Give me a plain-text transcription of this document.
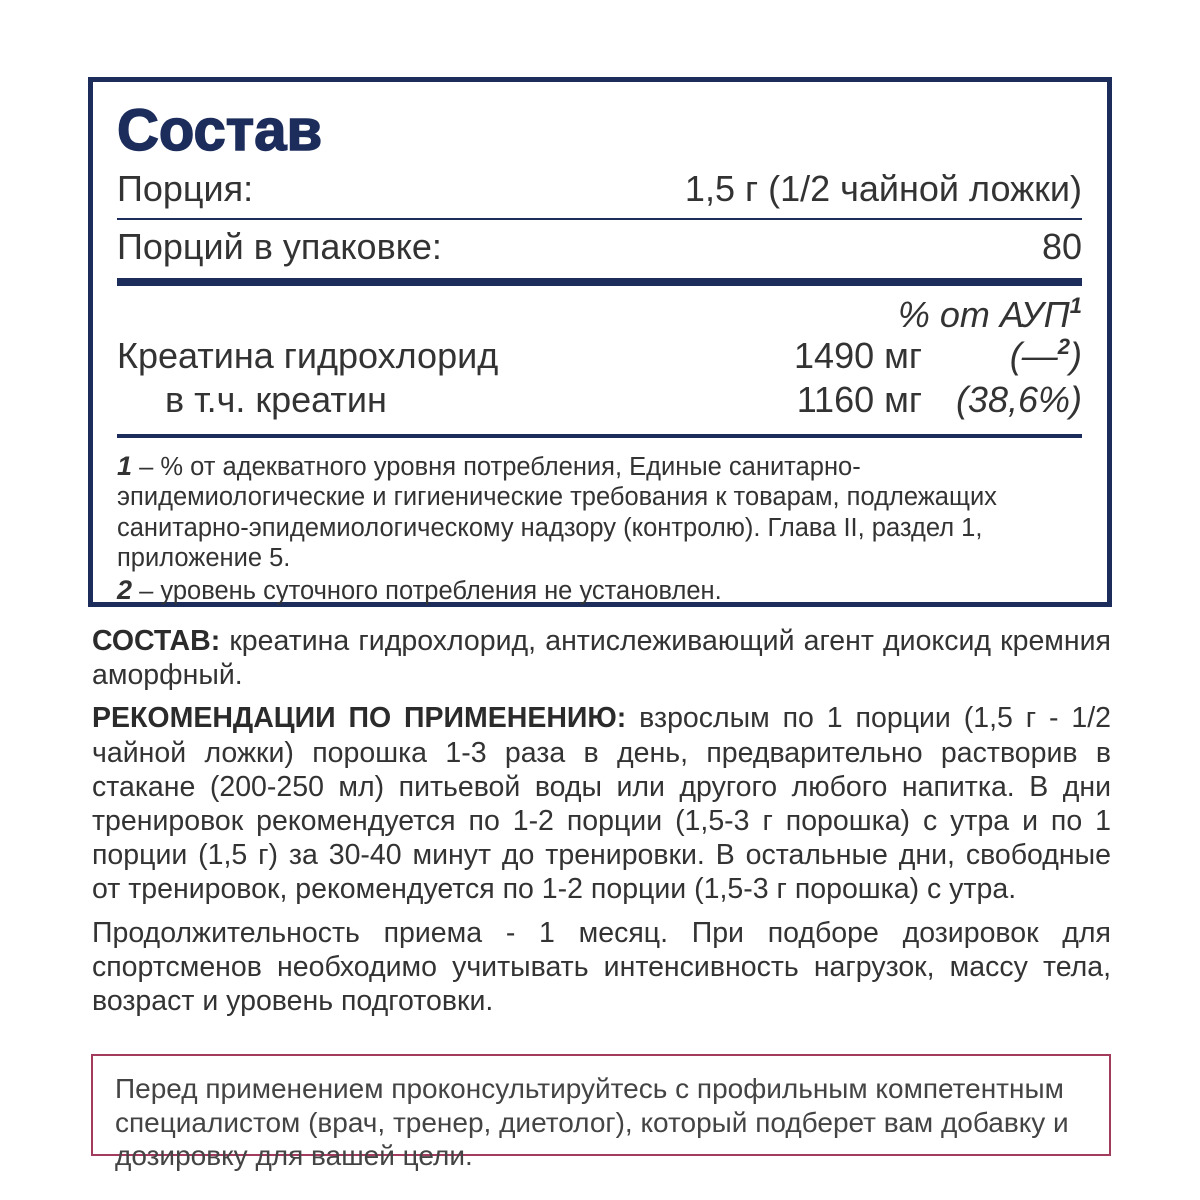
Состав
Порция:	1,5 г (1/2 чайной ложки)
Порций в упаковке:	80
% от АУП$^1$
Креатина гидрохлорид	1490 мг	(—$^2$)
в т.ч. креатин	1160 мг (38,6%)

1 – % от адекватного уровня потребления, Единые санитарно-эпидемиологические и гигиенические требования к товарам, подлежащих санитарно-эпидемиологическому надзору (контролю). Глава II, раздел 1, приложение 5.

2 – уровень суточного потребления не установлен.

СОСТАВ: креатина гидрохлорид, антислеживающий агент диоксид кремния аморфный.

РЕКОМЕНДАЦИИ ПО ПРИМЕНЕНИЮ: взрослым по 1 порции (1,5 г - 1/2 чайной ложки) порошка 1-3 раза в день, предварительно растворив в стакане (200-250 мл) питьевой воды или другого любого напитка. В дни тренировок рекомендуется по 1-2 порции (1,5-3 г порошка) с утра и по 1 порции (1,5 г) за 30-40 минут до тренировки. В остальные дни, свободные от тренировок, рекомендуется по 1-2 порции (1,5-3 г порошка) с утра.

Продолжительность приема - 1 месяц. При подборе дозировок для спортсменов необходимо учитывать интенсивность нагрузок, массу тела, возраст и уровень подготовки.

Перед применением проконсультируйтесь с профильным компетентным специалистом (врач, тренер, диетолог), который подберет вам добавку и дозировку для вашей цели.
